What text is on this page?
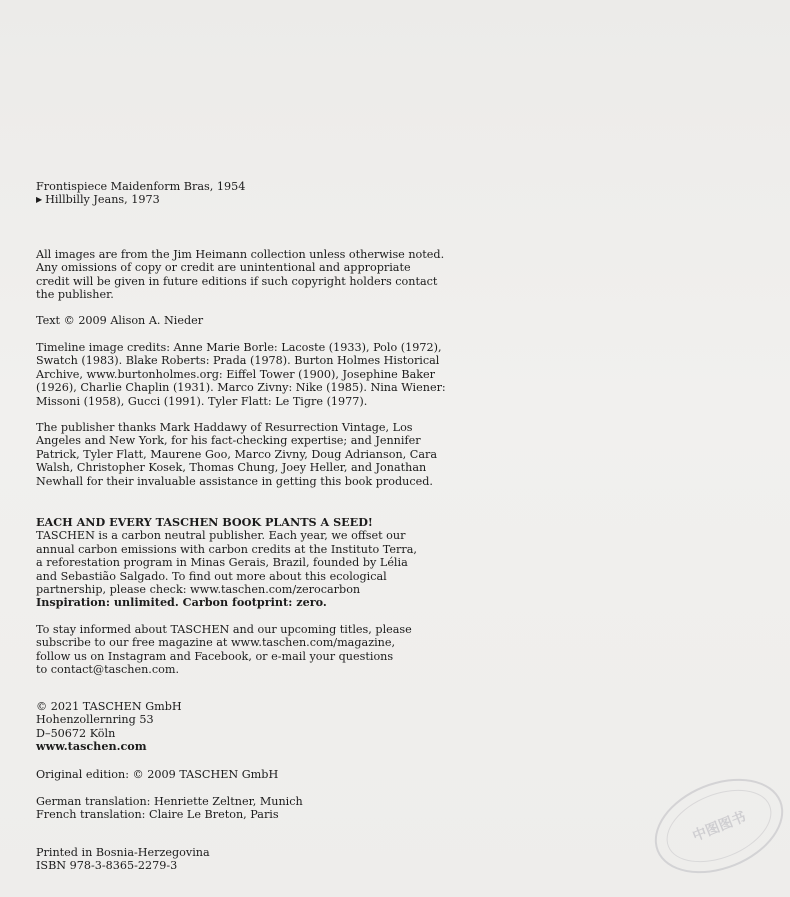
Frontispiece Maidenform Bras, 1954

▶ Hillbilly Jeans, 1973

All images are from the Jim Heimann collection unless otherwise noted.

Any omissions of copy or credit are unintentional and appropriate

credit will be given in future editions if such copyright holders contact

the publisher.

Text © 2009 Alison A. Nieder

Timeline image credits: Anne Marie Borle: Lacoste (1933), Polo (1972),

Swatch (1983). Blake Roberts: Prada (1978). Burton Holmes Historical

Archive, www.burtonholmes.org: Eiffel Tower (1900), Josephine Baker

(1926), Charlie Chaplin (1931). Marco Zivny: Nike (1985). Nina Wiener:

Missoni (1958), Gucci (1991). Tyler Flatt: Le Tigre (1977).

The publisher thanks Mark Haddawy of Resurrection Vintage, Los

Angeles and New York, for his fact-checking expertise; and Jennifer

Patrick, Tyler Flatt, Maurene Goo, Marco Zivny, Doug Adrianson, Cara

Walsh, Christopher Kosek, Thomas Chung, Joey Heller, and Jonathan

Newhall for their invaluable assistance in getting this book produced.

EACH AND EVERY TASCHEN BOOK PLANTS A SEED!

TASCHEN is a carbon neutral publisher. Each year, we offset our

annual carbon emissions with carbon credits at the Instituto Terra,

a reforestation program in Minas Gerais, Brazil, founded by Lélia

and Sebastião Salgado. To find out more about this ecological

partnership, please check: www.taschen.com/zerocarbon

Inspiration: unlimited. Carbon footprint: zero.

To stay informed about TASCHEN and our upcoming titles, please

subscribe to our free magazine at www.taschen.com/magazine,

follow us on Instagram and Facebook, or e-mail your questions

to contact@taschen.com.

© 2021 TASCHEN GmbH

Hohenzollernring 53

D–50672 Köln

www.taschen.com

Original edition: © 2009 TASCHEN GmbH

German translation: Henriette Zeltner, Munich

French translation: Claire Le Breton, Paris

Printed in Bosnia-Herzegovina

ISBN 978-3-8365-2279-3

中图图书
